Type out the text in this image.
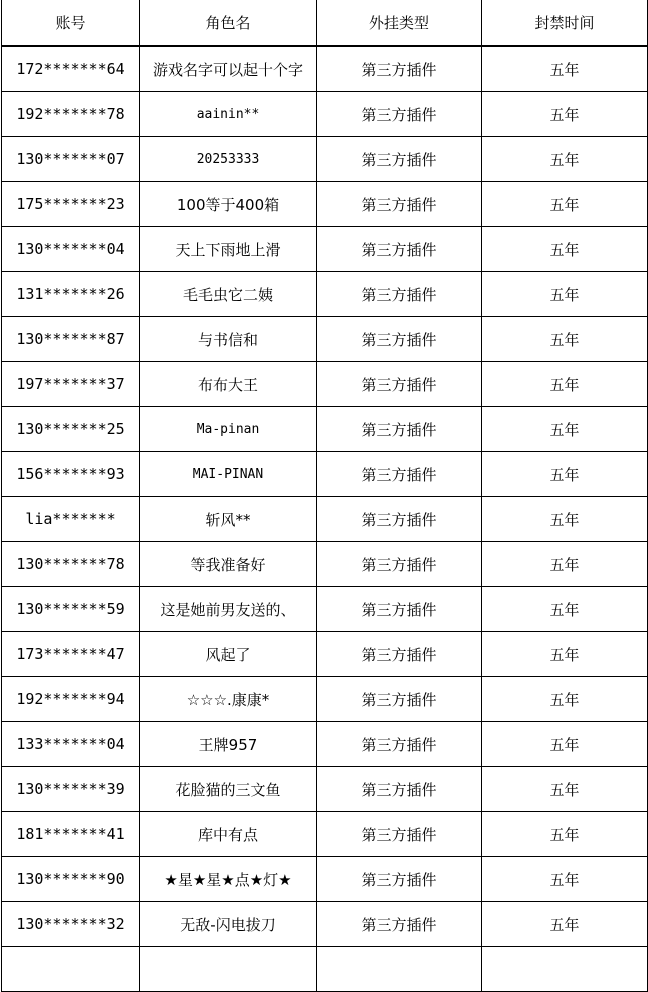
账号	角色名	外挂类型	封禁时间
172*******64	游戏名字可以起十个字	第三方插件	五年
192*******78	aainin**	第三方插件	五年
130*******07	20253333	第三方插件	五年
175*******23	100等于400箱	第三方插件	五年
130*******04	天上下雨地上滑	第三方插件	五年
131*******26	毛毛虫它二姨	第三方插件	五年
130*******87	与书信和	第三方插件	五年
197*******37	布布大王	第三方插件	五年
130*******25	Ma-pinan	第三方插件	五年
156*******93	MAI-PINAN	第三方插件	五年
lia*******	斩风**	第三方插件	五年
130*******78	等我准备好	第三方插件	五年
130*******59	这是她前男友送的、	第三方插件	五年
173*******47	风起了	第三方插件	五年
192*******94	☆☆☆.康康*	第三方插件	五年
133*******04	王牌957	第三方插件	五年
130*******39	花脸猫的三文鱼	第三方插件	五年
181*******41	库中有点	第三方插件	五年
130*******90	★星★星★点★灯★	第三方插件	五年
130*******32	无敌-闪电拔刀	第三方插件	五年
